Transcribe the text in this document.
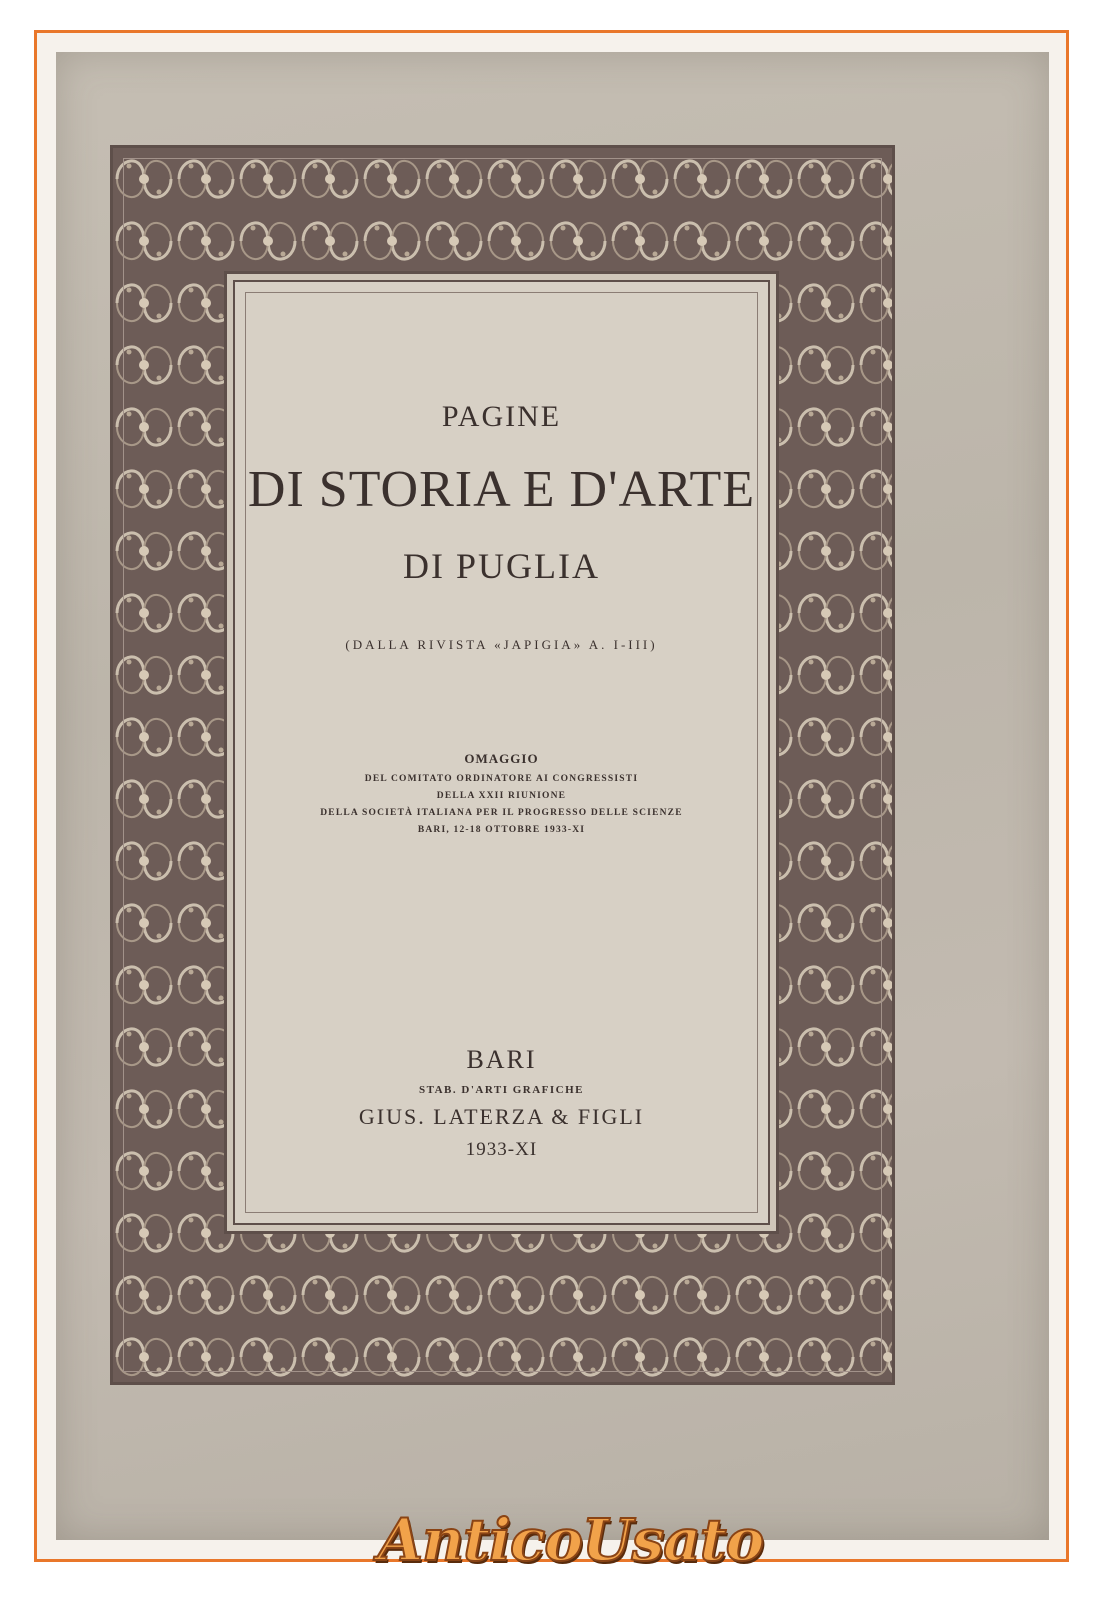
PAGINE
DI STORIA E D'ARTE
DI PUGLIA
(DALLA RIVISTA «JAPIGIA» A. I-III)
OMAGGIO
DEL COMITATO ORDINATORE AI CONGRESSISTI
DELLA XXII RIUNIONE
DELLA SOCIETÀ ITALIANA PER IL PROGRESSO DELLE SCIENZE
BARI, 12-18 OTTOBRE 1933-XI
BARI
STAB. D'ARTI GRAFICHE
GIUS. LATERZA & FIGLI
1933-XI
AnticoUsato
